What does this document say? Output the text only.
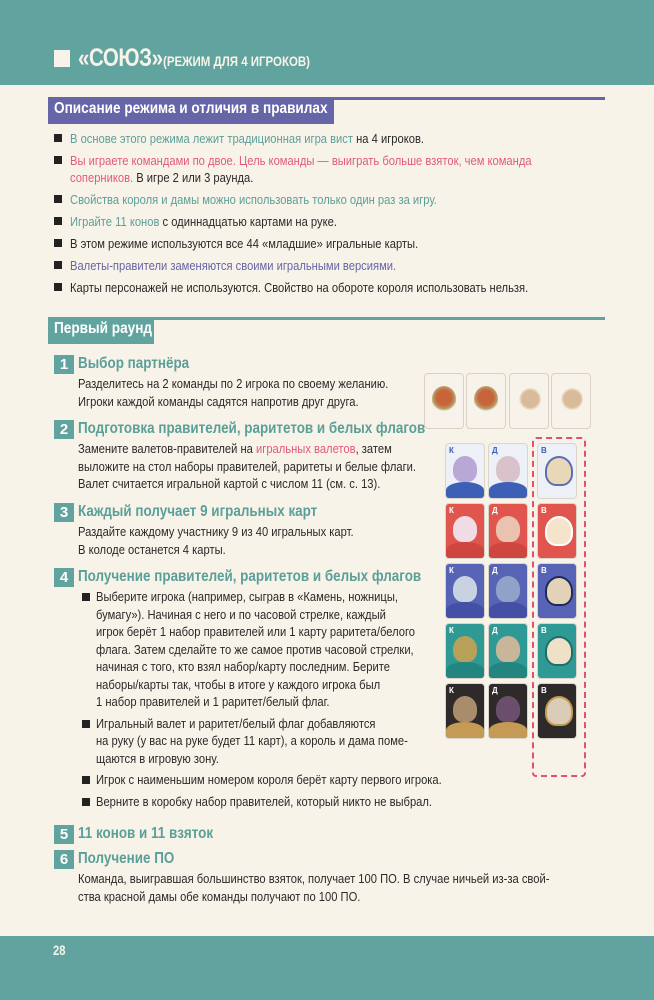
«СОЮЗ» (РЕЖИМ ДЛЯ 4 ИГРОКОВ)
Описание режима и отличия в правилах
В основе этого режима лежит традиционная игра вист на 4 игроков.
Вы играете командами по двое. Цель команды — выиграть больше взяток, чем команда
соперников. В игре 2 или 3 раунда.
Свойства короля и дамы можно использовать только один раз за игру.
Играйте 11 конов с одиннадцатью картами на руке.
В этом режиме используются все 44 «младшие» игральные карты.
Валеты-правители заменяются своими игральными версиями.
Карты персонажей не используются. Свойство на обороте короля использовать нельзя.
Первый раунд
1 Выбор партнёра
Разделитесь на 2 команды по 2 игрока по своему желанию.
Игроки каждой команды садятся напротив друг друга.
2 Подготовка правителей, раритетов и белых флагов
Замените валетов-правителей на игральных валетов, затем
выложите на стол наборы правителей, раритеты и белые флаги.
Валет считается игральной картой с числом 11 (см. с. 13).
3 Каждый получает 9 игральных карт
Раздайте каждому участнику 9 из 40 игральных карт.
В колоде останется 4 карты.
4 Получение правителей, раритетов и белых флагов
Выберите игрока (например, сыграв в «Камень, ножницы,
бумагу»). Начиная с него и по часовой стрелке, каждый
игрок берёт 1 набор правителей или 1 карту раритета/белого
флага. Затем сделайте то же самое против часовой стрелки,
начиная с того, кто взял набор/карту последним. Берите
наборы/карты так, чтобы в итоге у каждого игрока был
1 набор правителей и 1 раритет/белый флаг.
Игральный валет и раритет/белый флаг добавляются
на руку (у вас на руке будет 11 карт), а король и дама поме-
щаются в игровую зону.
Игрок с наименьшим номером короля берёт карту первого игрока.
Верните в коробку набор правителей, который никто не выбрал.
5 11 конов и 11 взяток
6 Получение ПО
Команда, выигравшая большинство взяток, получает 100 ПО. В случае ничьей из-за свой-
ства красной дамы обе команды получают по 100 ПО.
К	Д	В
К	Д	В
К	Д	В
К	Д	В
К	Д	В
28
